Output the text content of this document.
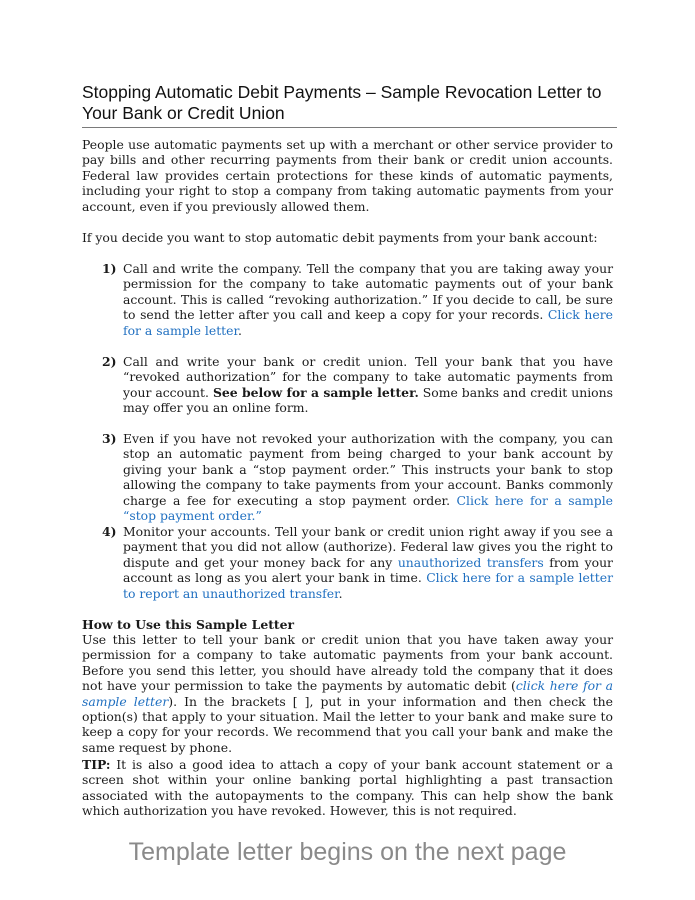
Stopping Automatic Debit Payments – Sample Revocation Letter to Your Bank or Credit Union

People use automatic payments set up with a merchant or other service provider to pay bills and other recurring payments from their bank or credit union accounts. Federal law provides certain protections for these kinds of automatic payments, including your right to stop a company from taking automatic payments from your account, even if you previously allowed them.

If you decide you want to stop automatic debit payments from your bank account:

1) Call and write the company. Tell the company that you are taking away your permission for the company to take automatic payments out of your bank account. This is called “revoking authorization.” If you decide to call, be sure to send the letter after you call and keep a copy for your records. Click here for a sample letter.
2) Call and write your bank or credit union. Tell your bank that you have “revoked authorization” for the company to take automatic payments from your account. See below for a sample letter. Some banks and credit unions may offer you an online form.
3) Even if you have not revoked your authorization with the company, you can stop an automatic payment from being charged to your bank account by giving your bank a “stop payment order.” This instructs your bank to stop allowing the company to take payments from your account. Banks commonly charge a fee for executing a stop payment order. Click here for a sample “stop payment order.”
4) Monitor your accounts. Tell your bank or credit union right away if you see a payment that you did not allow (authorize). Federal law gives you the right to dispute and get your money back for any unauthorized transfers from your account as long as you alert your bank in time. Click here for a sample letter to report an unauthorized transfer.
How to Use this Sample Letter

Use this letter to tell your bank or credit union that you have taken away your permission for a company to take automatic payments from your bank account. Before you send this letter, you should have already told the company that it does not have your permission to take the payments by automatic debit (click here for a sample letter). In the brackets [ ], put in your information and then check the option(s) that apply to your situation. Mail the letter to your bank and make sure to keep a copy for your records. We recommend that you call your bank and make the same request by phone.

TIP: It is also a good idea to attach a copy of your bank account statement or a screen shot within your online banking portal highlighting a past transaction associated with the autopayments to the company. This can help show the bank which authorization you have revoked. However, this is not required.

Template letter begins on the next page
